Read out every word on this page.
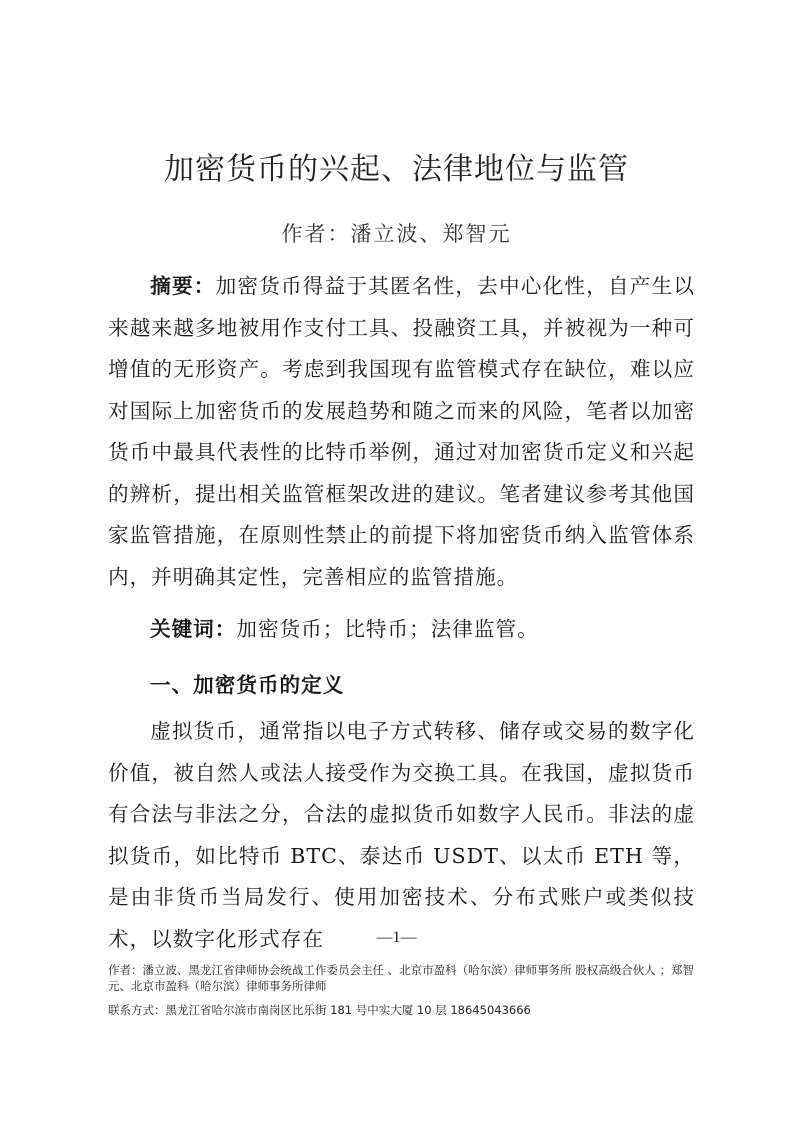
加密货币的兴起、法律地位与监管
作者：潘立波、郑智元

摘要：加密货币得益于其匿名性，去中心化性，自产生以来越来越多地被用作支付工具、投融资工具，并被视为一种可增值的无形资产。考虑到我国现有监管模式存在缺位，难以应对国际上加密货币的发展趋势和随之而来的风险，笔者以加密货币中最具代表性的比特币举例，通过对加密货币定义和兴起的辨析，提出相关监管框架改进的建议。笔者建议参考其他国家监管措施，在原则性禁止的前提下将加密货币纳入监管体系内，并明确其定性，完善相应的监管措施。

关键词：加密货币；比特币；法律监管。

一、加密货币的定义

虚拟货币，通常指以电子方式转移、储存或交易的数字化价值，被自然人或法人接受作为交换工具。在我国，虚拟货币有合法与非法之分，合法的虚拟货币如数字人民币。非法的虚拟货币，如比特币 BTC、泰达币 USDT、以太币 ETH 等，是由非货币当局发行、使用加密技术、分布式账户或类似技术，以数字化形式存在	—1—

作者：潘立波、黑龙江省律师协会统战工作委员会主任 、北京市盈科（哈尔滨）律师事务所 股权高级合伙人 ；郑智元、北京市盈科（哈尔滨）律师事务所律师

联系方式：黑龙江省哈尔滨市南岗区比乐街 181 号中实大厦 10 层 18645043666
